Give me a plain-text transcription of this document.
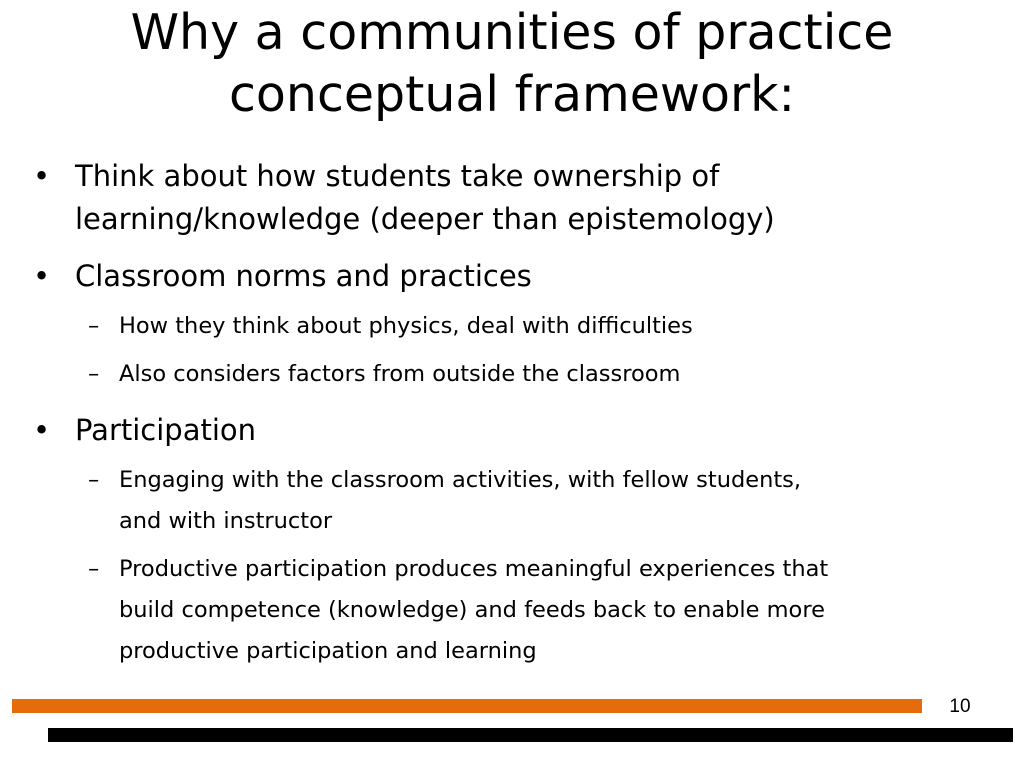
Why a communities of practice
conceptual framework:
• Think about how students take ownership of
learning/knowledge (deeper than epistemology)
• Classroom norms and practices
– How they think about physics, deal with difficulties
– Also considers factors from outside the classroom
• Participation
– Engaging with the classroom activities, with fellow students,
and with instructor
– Productive participation produces meaningful experiences that
build competence (knowledge) and feeds back to enable more
productive participation and learning
10
